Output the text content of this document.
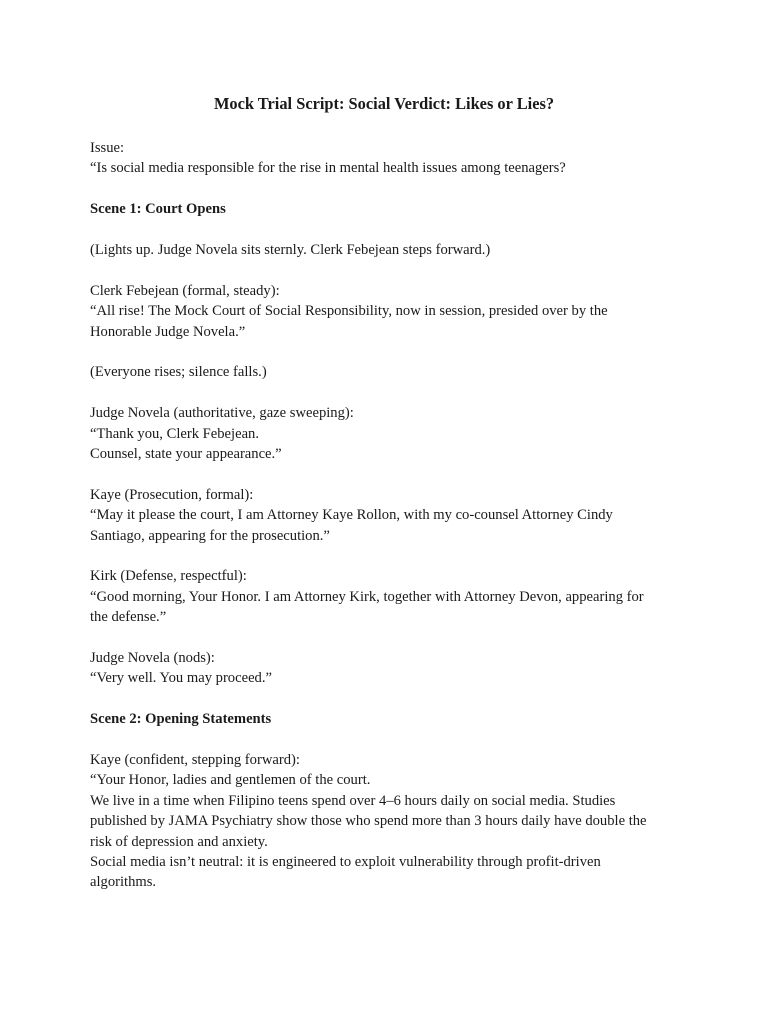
Mock Trial Script: Social Verdict: Likes or Lies?

Issue:

“Is social media responsible for the rise in mental health issues among teenagers?

Scene 1: Court Opens

(Lights up. Judge Novela sits sternly. Clerk Febejean steps forward.)

Clerk Febejean (formal, steady):

“All rise! The Mock Court of Social Responsibility, now in session, presided over by the

Honorable Judge Novela.”

(Everyone rises; silence falls.)

Judge Novela (authoritative, gaze sweeping):

“Thank you, Clerk Febejean.

Counsel, state your appearance.”

Kaye (Prosecution, formal):

“May it please the court, I am Attorney Kaye Rollon, with my co-counsel Attorney Cindy

Santiago, appearing for the prosecution.”

Kirk (Defense, respectful):

“Good morning, Your Honor. I am Attorney Kirk, together with Attorney Devon, appearing for

the defense.”

Judge Novela (nods):

“Very well. You may proceed.”

Scene 2: Opening Statements

Kaye (confident, stepping forward):

“Your Honor, ladies and gentlemen of the court.

We live in a time when Filipino teens spend over 4–6 hours daily on social media. Studies

published by JAMA Psychiatry show those who spend more than 3 hours daily have double the

risk of depression and anxiety.

Social media isn’t neutral: it is engineered to exploit vulnerability through profit-driven

algorithms.
